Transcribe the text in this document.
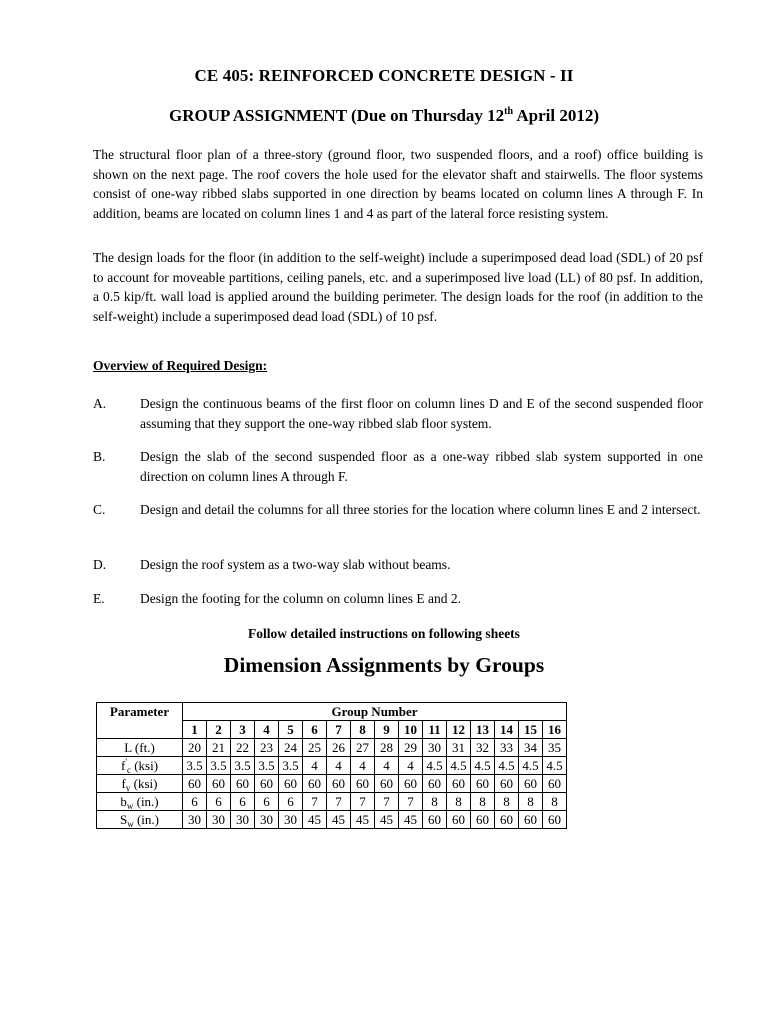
CE 405: REINFORCED CONCRETE DESIGN - II
GROUP ASSIGNMENT (Due on Thursday 12th April 2012)

The structural floor plan of a three-story (ground floor, two suspended floors, and a roof) office building is shown on the next page. The roof covers the hole used for the elevator shaft and stairwells. The floor systems consist of one-way ribbed slabs supported in one direction by beams located on column lines A through F. In addition, beams are located on column lines 1 and 4 as part of the lateral force resisting system.

The design loads for the floor (in addition to the self-weight) include a superimposed dead load (SDL) of 20 psf to account for moveable partitions, ceiling panels, etc. and a superimposed live load (LL) of 80 psf. In addition, a 0.5 kip/ft. wall load is applied around the building perimeter. The design loads for the roof (in addition to the self-weight) include a superimposed dead load (SDL) of 10 psf.

Overview of Required Design:
A.	Design the continuous beams of the first floor on column lines D and E of the second suspended floor assuming that they support the one-way ribbed slab floor system.
B.	Design the slab of the second suspended floor as a one-way ribbed slab system supported in one direction on column lines A through F.
C.	Design and detail the columns for all three stories for the location where column lines E and 2 intersect.
D.	Design the roof system as a two-way slab without beams.
E.	Design the footing for the column on column lines E and 2.
Follow detailed instructions on following sheets
Dimension Assignments by Groups
Parameter	Group Number															
	1	2	3	4	5	6	7	8	9	10	11	12	13	14	15	16
L (ft.)	20	21	22	23	24	25	26	27	28	29	30	31	32	33	34	35
$f'_c$ (ksi)	3.5	3.5	3.5	3.5	3.5	4	4	4	4	4	4.5	4.5	4.5	4.5	4.5	4.5
$f_y$ (ksi)	60	60	60	60	60	60	60	60	60	60	60	60	60	60	60	60
$b_w$ (in.)	6	6	6	6	6	7	7	7	7	7	8	8	8	8	8	8
$S_w$ (in.)	30	30	30	30	30	45	45	45	45	45	60	60	60	60	60	60
